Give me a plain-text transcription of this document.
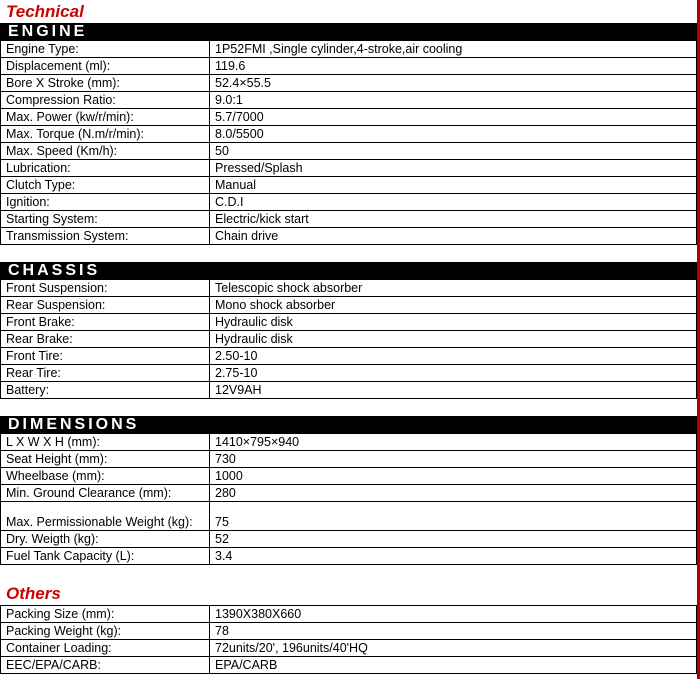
Technical
ENGINE
Engine Type:	1P52FMI ,Single cylinder,4-stroke,air cooling
Displacement (ml):	119.6
Bore X Stroke (mm):	52.4×55.5
Compression Ratio:	9.0:1
Max. Power (kw/r/min):	5.7/7000
Max. Torque (N.m/r/min):	8.0/5500
Max. Speed (Km/h):	50
Lubrication:	Pressed/Splash
Clutch Type:	Manual
Ignition:	C.D.I
Starting System:	Electric/kick start
Transmission System:	Chain drive
CHASSIS
Front Suspension:	Telescopic shock absorber
Rear Suspension:	Mono shock absorber
Front Brake:	Hydraulic disk
Rear Brake:	Hydraulic disk
Front Tire:	2.50-10
Rear Tire:	2.75-10
Battery:	12V9AH
DIMENSIONS
L X W X H (mm):	1410×795×940
Seat Height (mm):	730
Wheelbase (mm):	1000
Min. Ground Clearance (mm):	280
Max. Permissionable Weight (kg):	75
Dry. Weigth (kg):	52
Fuel Tank Capacity (L):	3.4
Others
Packing Size (mm):	1390X380X660
Packing Weight (kg):	78
Container Loading:	72units/20', 196units/40'HQ
EEC/EPA/CARB:	EPA/CARB
